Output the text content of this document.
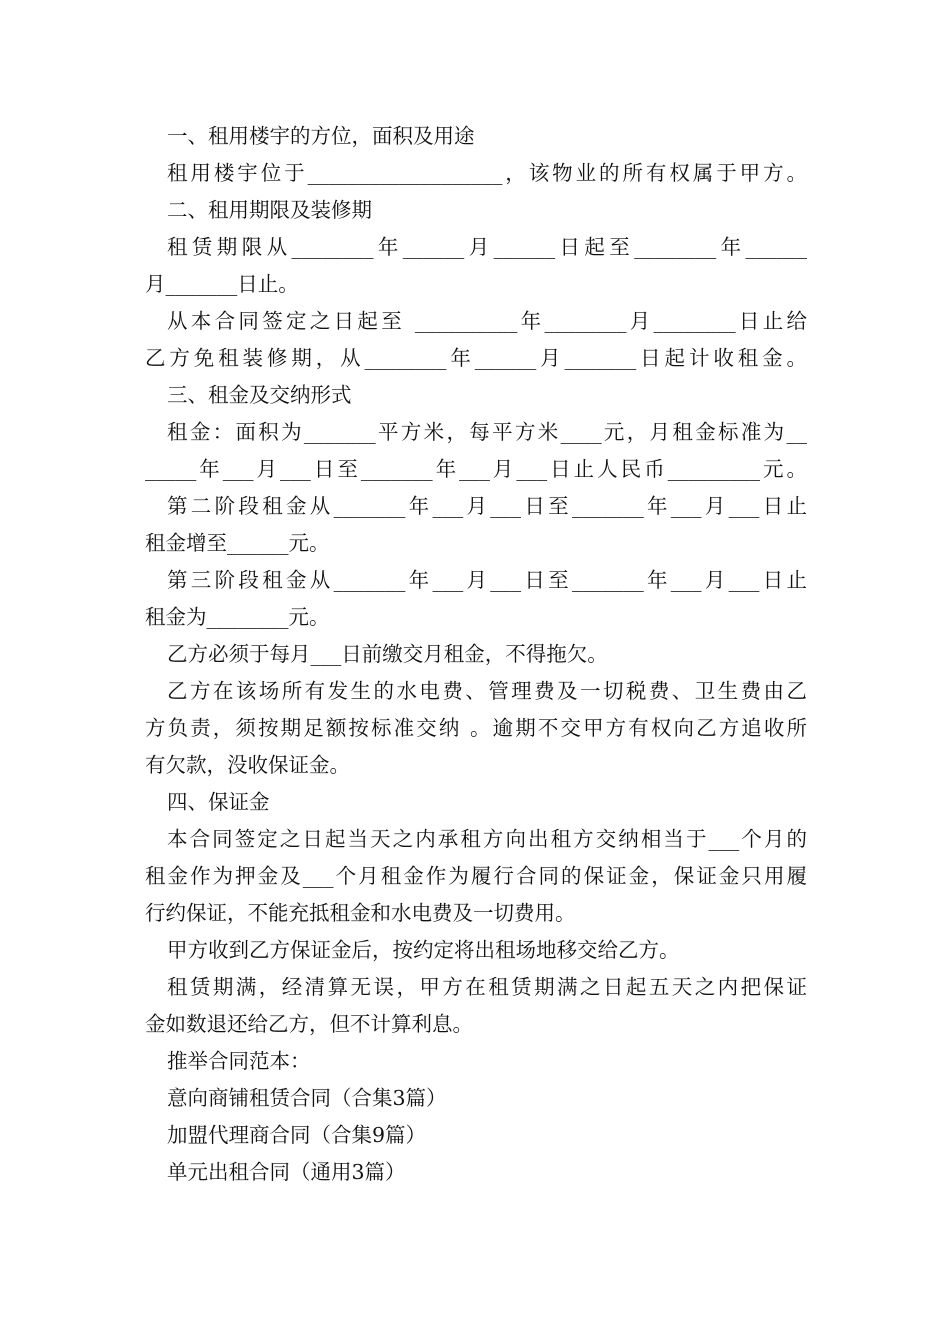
一、租用楼宇的方位，面积及用途
租用楼宇位于___________________，该物业的所有权属于甲方。
二、租用期限及装修期
租赁期限从________年______月______日起至________年______
月_______日止。
从本合同签定之日起至 __________年________月________日止给
乙方免租装修期，从________年______月_______日起计收租金。
三、租金及交纳形式
租金：面积为_______平方米，每平方米____元，月租金标准为__
_____年___月___日至_______年___月___日止人民币_________元。
第二阶段租金从_______年___月___日至_______年___月___日止
租金增至______元。
第三阶段租金从_______年___月___日至_______年___月___日止
租金为________元。
乙方必须于每月___日前缴交月租金，不得拖欠。
乙方在该场所有发生的水电费、管理费及一切税费、卫生费由乙
方负责，须按期足额按标准交纳 。逾期不交甲方有权向乙方追收所
有欠款，没收保证金。
四、保证金
本合同签定之日起当天之内承租方向出租方交纳相当于___个月的
租金作为押金及___个月租金作为履行合同的保证金，保证金只用履
行约保证，不能充抵租金和水电费及一切费用。
甲方收到乙方保证金后，按约定将出租场地移交给乙方。
租赁期满，经清算无误，甲方在租赁期满之日起五天之内把保证
金如数退还给乙方，但不计算利息。
推举合同范本：
意向商铺租赁合同（合集3篇）
加盟代理商合同（合集9篇）
单元出租合同（通用3篇）
